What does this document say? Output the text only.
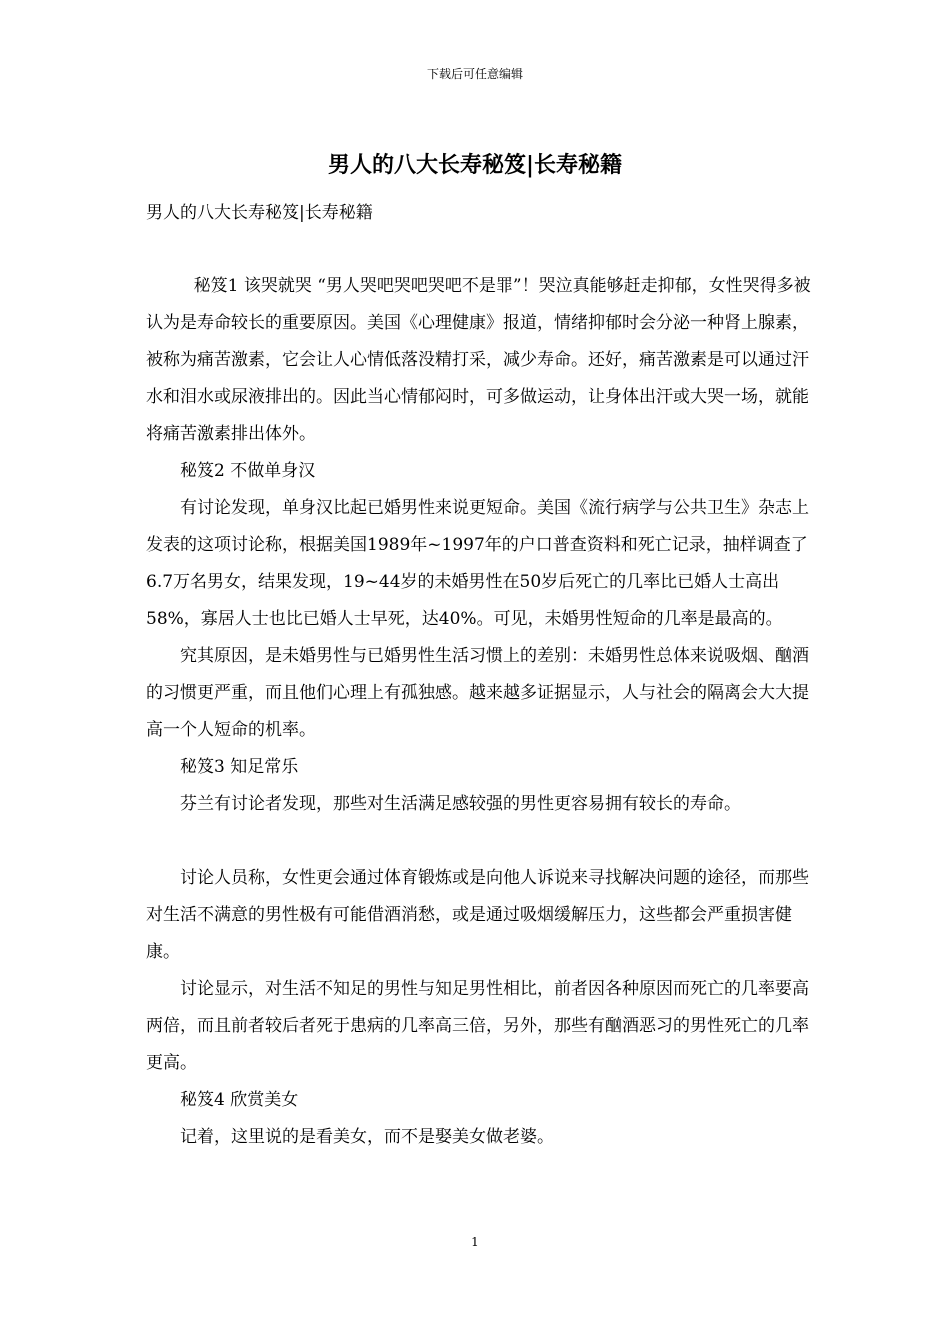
下载后可任意编辑
男人的八大长寿秘笈|长寿秘籍
男人的八大长寿秘笈|长寿秘籍

秘笈1 该哭就哭 “男人哭吧哭吧哭吧不是罪”！哭泣真能够赶走抑郁，女性哭得多被认为是寿命较长的重要原因。美国《心理健康》报道，情绪抑郁时会分泌一种肾上腺素，被称为痛苦激素，它会让人心情低落没精打采，减少寿命。还好，痛苦激素是可以通过汗水和泪水或尿液排出的。因此当心情郁闷时，可多做运动，让身体出汗或大哭一场，就能将痛苦激素排出体外。

秘笈2 不做单身汉

有讨论发现，单身汉比起已婚男性来说更短命。美国《流行病学与公共卫生》杂志上发表的这项讨论称，根据美国1989年~1997年的户口普查资料和死亡记录，抽样调查了6.7万名男女，结果发现，19~44岁的未婚男性在50岁后死亡的几率比已婚人士高出58%，寡居人士也比已婚人士早死，达40%。可见，未婚男性短命的几率是最高的。

究其原因，是未婚男性与已婚男性生活习惯上的差别：未婚男性总体来说吸烟、酗酒的习惯更严重，而且他们心理上有孤独感。越来越多证据显示，人与社会的隔离会大大提高一个人短命的机率。

秘笈3 知足常乐

芬兰有讨论者发现，那些对生活满足感较强的男性更容易拥有较长的寿命。

讨论人员称，女性更会通过体育锻炼或是向他人诉说来寻找解决问题的途径，而那些对生活不满意的男性极有可能借酒消愁，或是通过吸烟缓解压力，这些都会严重损害健康。

讨论显示，对生活不知足的男性与知足男性相比，前者因各种原因而死亡的几率要高两倍，而且前者较后者死于患病的几率高三倍，另外，那些有酗酒恶习的男性死亡的几率更高。

秘笈4 欣赏美女

记着，这里说的是看美女，而不是娶美女做老婆。

1
